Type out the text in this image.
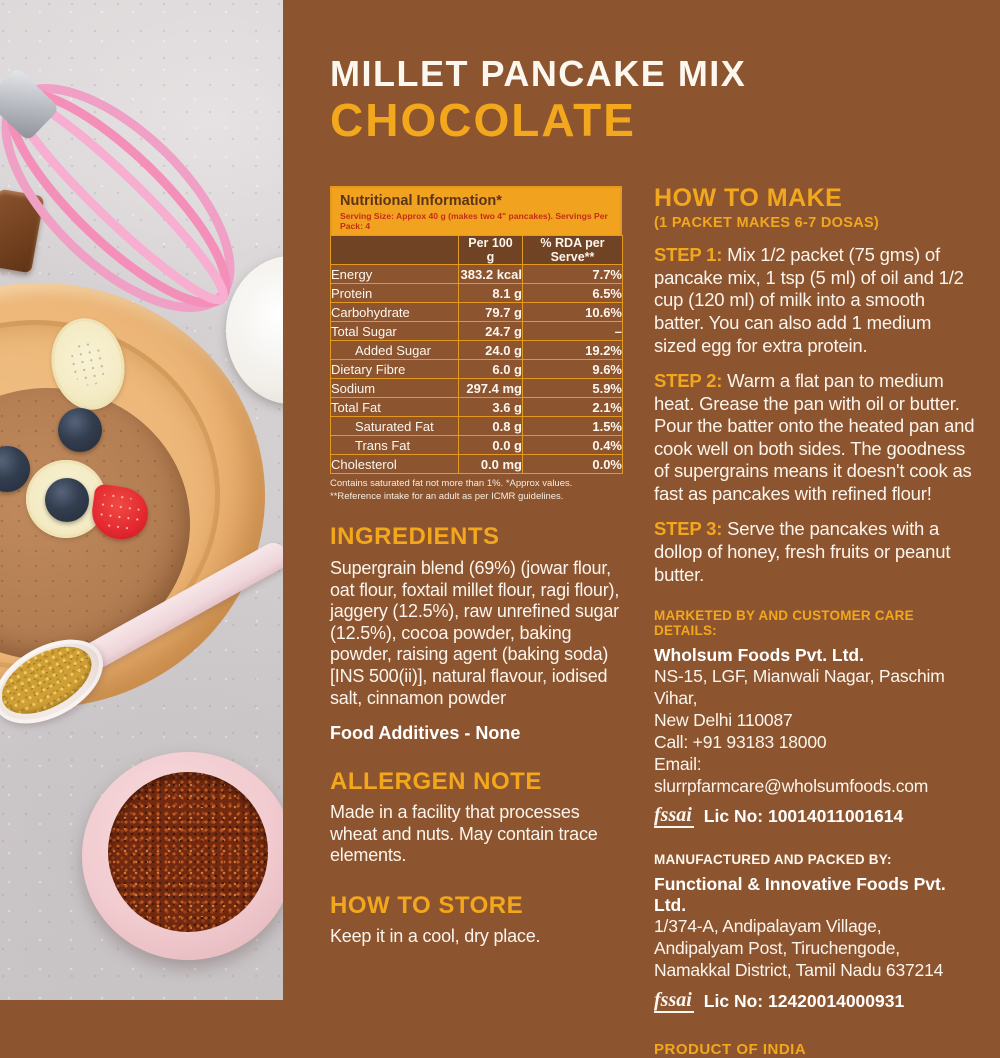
MILLET PANCAKE MIX
CHOCOLATE
Nutritional Information*
Serving Size: Approx 40 g (makes two 4" pancakes). Servings Per Pack: 4
	Per 100 g	% RDA per Serve**
Energy	383.2 kcal	7.7%
Protein	8.1 g	6.5%
Carbohydrate	79.7 g	10.6%
Total Sugar	24.7 g	–
Added Sugar	24.0 g	19.2%
Dietary Fibre	6.0 g	9.6%
Sodium	297.4 mg	5.9%
Total Fat	3.6 g	2.1%
Saturated Fat	0.8 g	1.5%
Trans Fat	0.0 g	0.4%
Cholesterol	0.0 mg	0.0%
Contains saturated fat not more than 1%. *Approx values. **Reference intake for an adult as per ICMR guidelines.
INGREDIENTS
Supergrain blend (69%) (jowar flour, oat flour, foxtail millet flour, ragi flour), jaggery (12.5%), raw unrefined sugar (12.5%), cocoa powder, baking powder, raising agent (baking soda) [INS 500(ii)], natural flavour, iodised salt, cinnamon powder
Food Additives - None
ALLERGEN NOTE
Made in a facility that processes wheat and nuts. May contain trace elements.
HOW TO STORE
Keep it in a cool, dry place.
HOW TO MAKE
(1 PACKET MAKES 6-7 DOSAS)
STEP 1: Mix 1/2 packet (75 gms) of pancake mix, 1 tsp (5 ml) of oil and 1/2 cup (120 ml) of milk into a smooth batter. You can also add 1 medium sized egg for extra protein.
STEP 2: Warm a flat pan to medium heat. Grease the pan with oil or butter. Pour the batter onto the heated pan and cook well on both sides. The goodness of supergrains means it doesn't cook as fast as pancakes with refined flour!
STEP 3: Serve the pancakes with a dollop of honey, fresh fruits or peanut butter.
MARKETED BY AND CUSTOMER CARE DETAILS:
Wholsum Foods Pvt. Ltd.
NS-15, LGF, Mianwali Nagar, Paschim Vihar,
New Delhi 110087
Call: +91 93183 18000
Email: slurrpfarmcare@wholsumfoods.com
fssai Lic No: 10014011001614
MANUFACTURED AND PACKED BY:
Functional & Innovative Foods Pvt. Ltd.
1/374-A, Andipalayam Village,
Andipalyam Post, Tiruchengode,
Namakkal District, Tamil Nadu 637214
fssai Lic No: 12420014000931
PRODUCT OF INDIA
